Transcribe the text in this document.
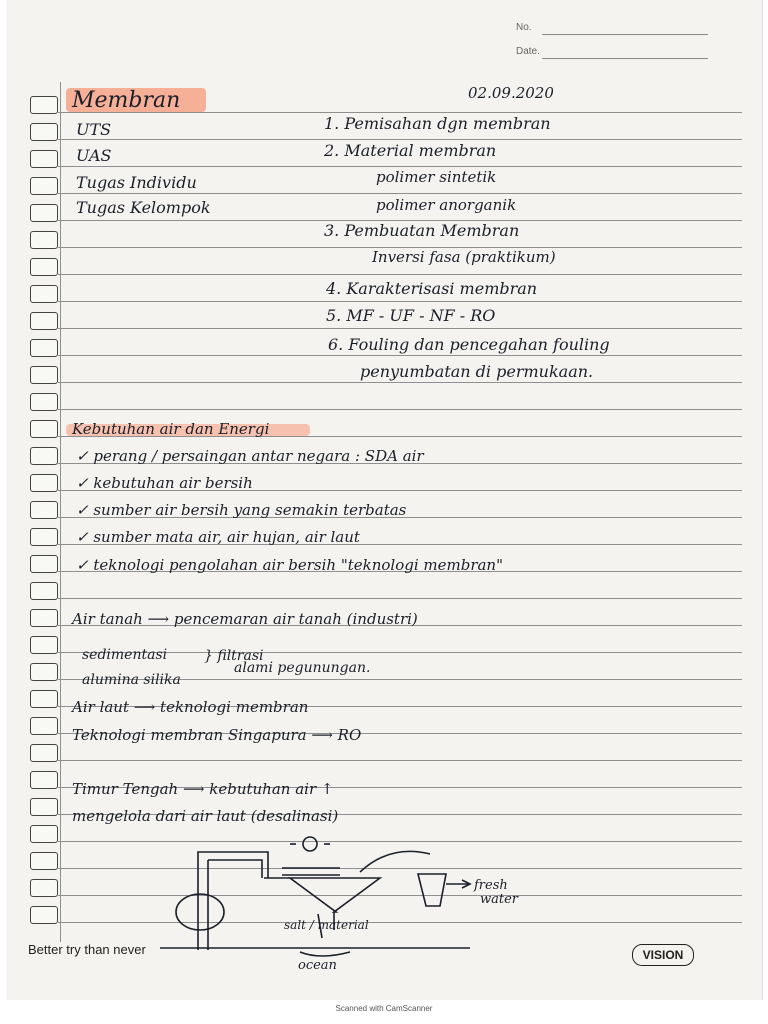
No.
Date.
Membran	02.09.2020
UTS
UAS
Tugas Individu
Tugas Kelompok
1. Pemisahan dgn membran
2. Material membran
polimer sintetik
polimer anorganik
3. Pembuatan Membran
Inversi fasa (praktikum)
4. Karakterisasi membran
5. MF - UF - NF - RO
6. Fouling dan pencegahan fouling
penyumbatan di permukaan.
Kebutuhan air dan Energi
✓ perang / persaingan antar negara : SDA air
✓ kebutuhan air bersih
✓ sumber air bersih yang semakin terbatas
✓ sumber mata air, air hujan, air laut
✓ teknologi pengolahan air bersih "teknologi membran"
Air tanah ⟶ pencemaran air tanah (industri)
sedimentasi
alumina silika
} filtrasi
alami pegunungan.
Air laut ⟶ teknologi membran
Teknologi membran Singapura ⟶ RO
Timur Tengah ⟶ kebutuhan air ↑
mengelola dari air laut (desalinasi)
fresh
water
salt / material
ocean
Better try than never	VISION
Scanned with CamScanner
